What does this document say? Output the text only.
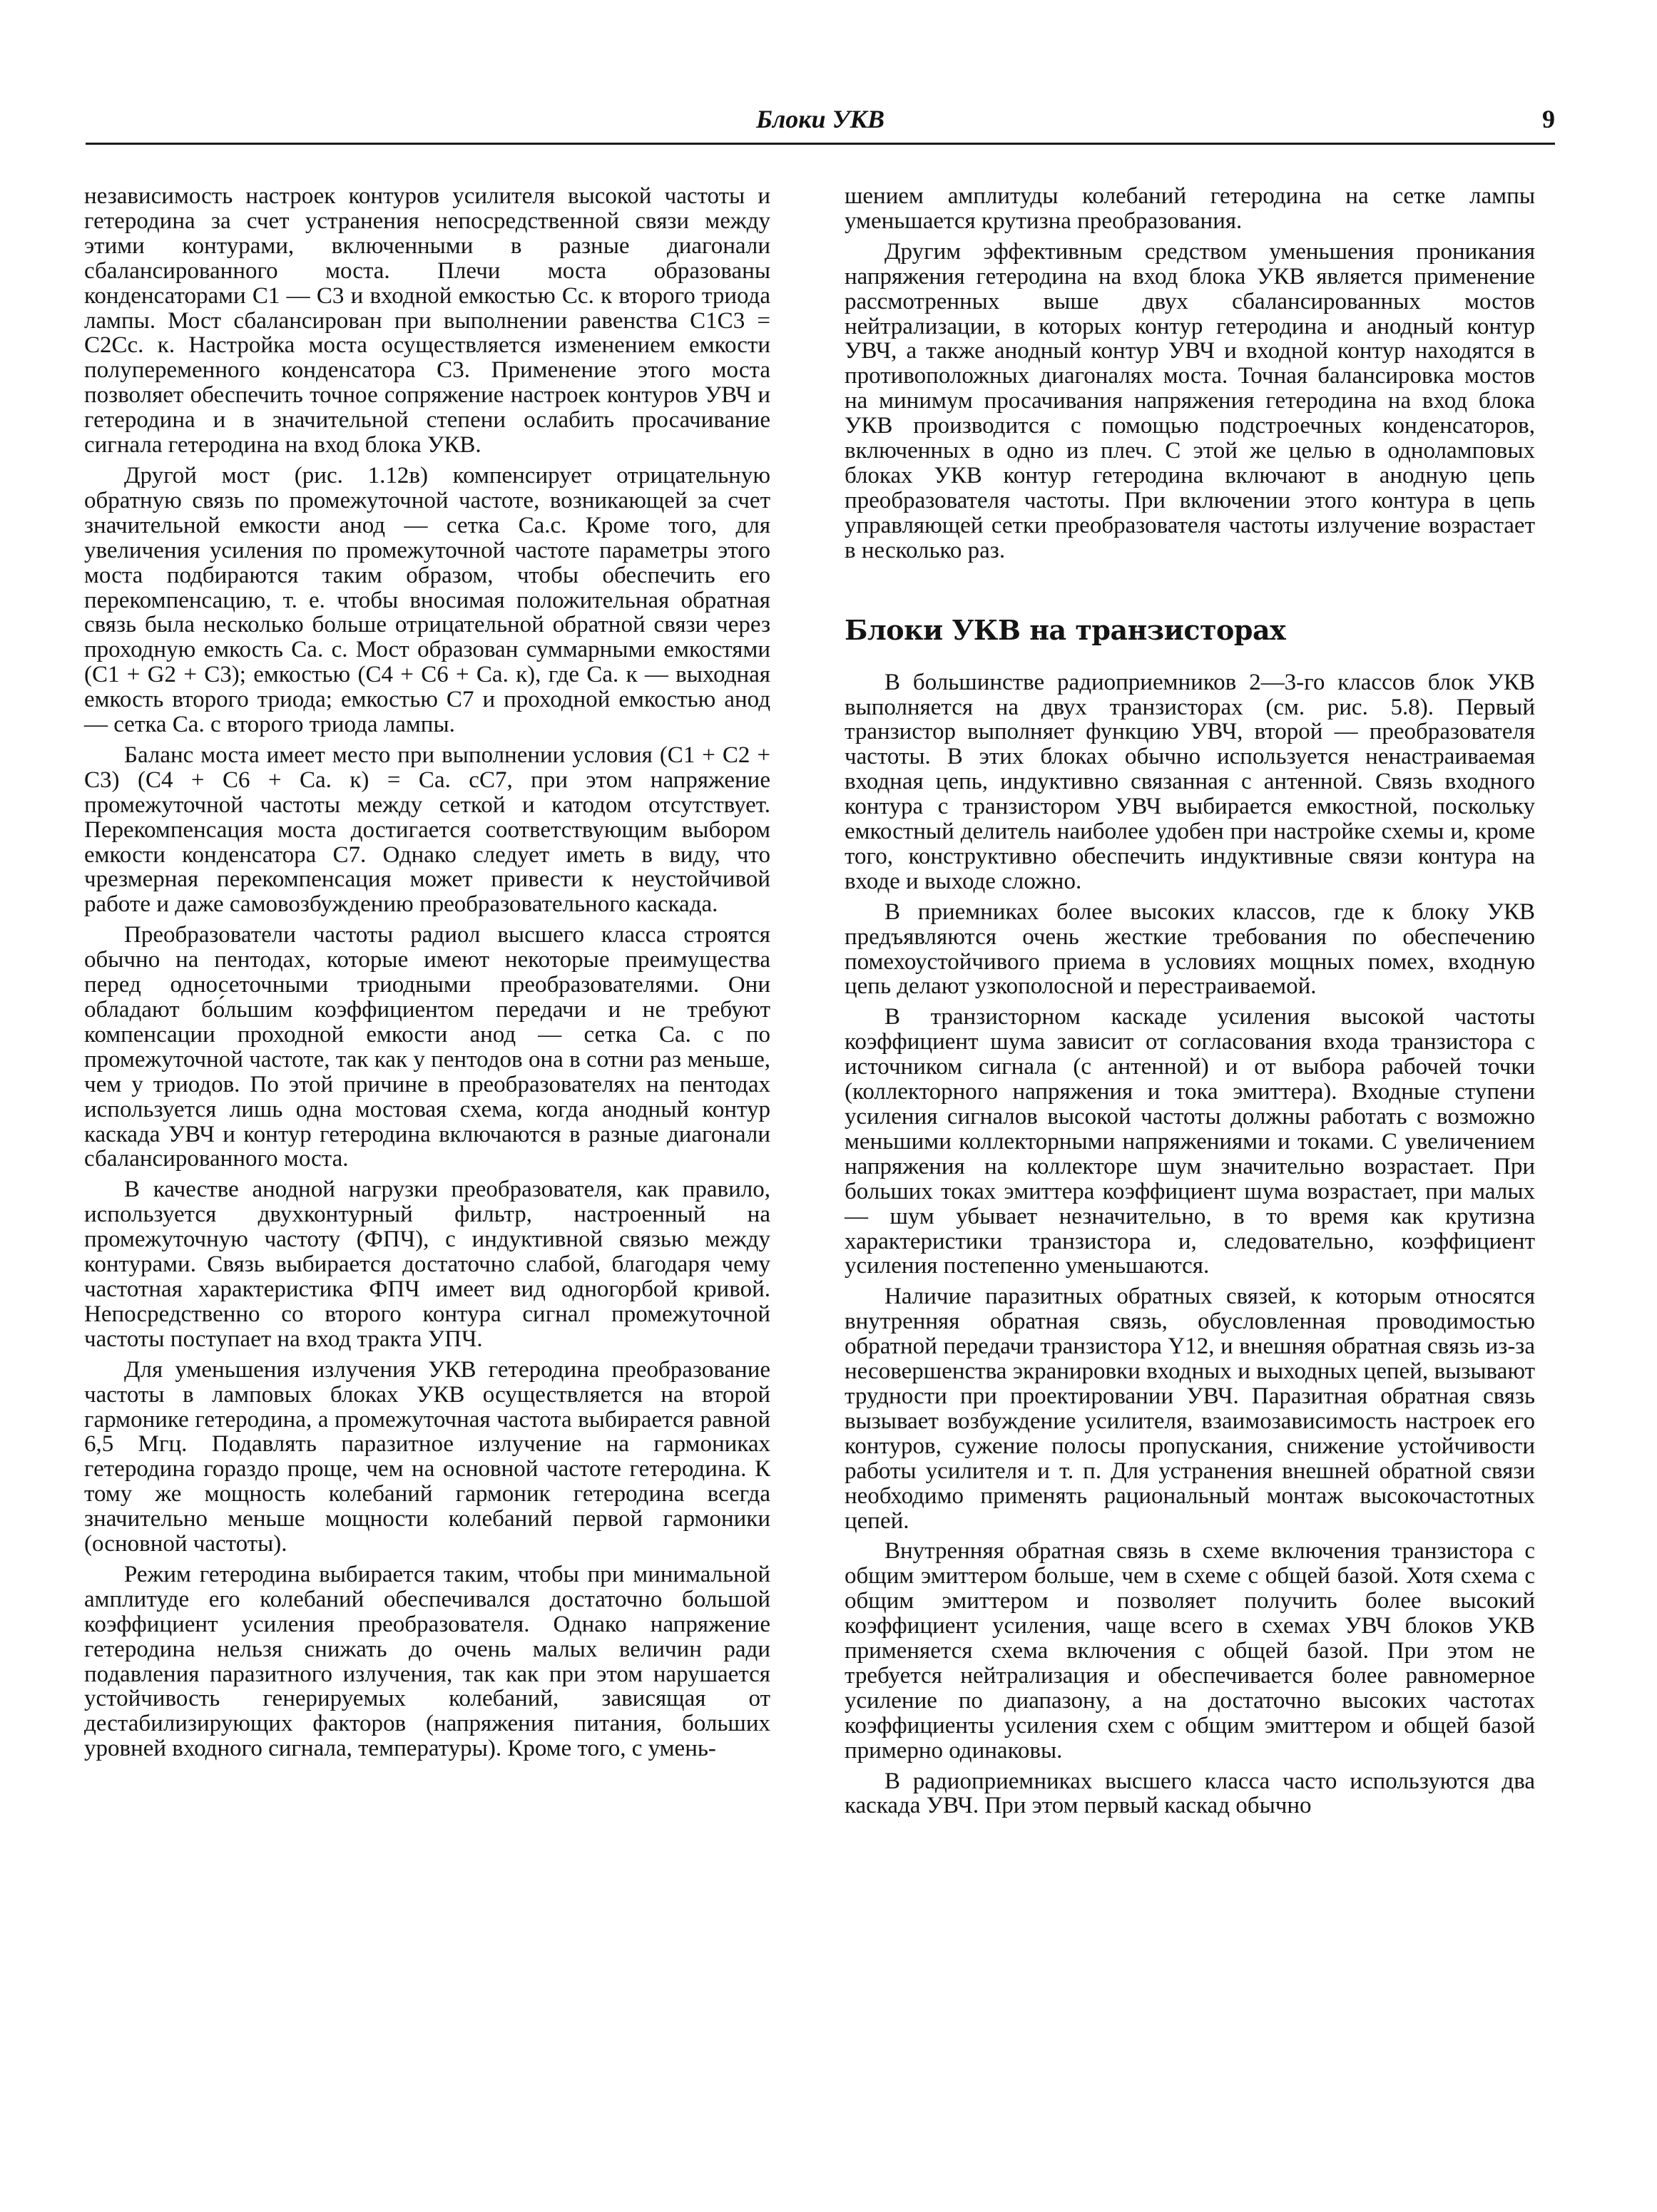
Блоки УКВ	9

независимость настроек контуров усилителя высокой частоты и гетеродина за счет устранения непосредственной связи между этими контурами, включенными в разные диагонали сбалансированного моста. Плечи моста образованы конденсаторами C1 — C3 и входной емкостью Cс. к второго триода лампы. Мост сбалансирован при выполнении равенства C1C3 = C2Cс. к. Настройка моста осуществляется изменением емкости полупеременного конденсатора C3. Применение этого моста позволяет обеспечить точное сопряжение настроек контуров УВЧ и гетеродина и в значительной степени ослабить просачивание сигнала гетеродина на вход блока УКВ.

Другой мост (рис. 1.12в) компенсирует отрицательную обратную связь по промежуточной частоте, возникающей за счет значительной емкости анод — сетка Cа.с. Кроме того, для увеличения усиления по промежуточной частоте параметры этого моста подбираются таким образом, чтобы обеспечить его перекомпенсацию, т. е. чтобы вносимая положительная обратная связь была несколько больше отрицательной обратной связи через проходную емкость Cа. с. Мост образован суммарными емкостями (C1 + G2 + C3); емкостью (C4 + C6 + Cа. к), где Cа. к — выходная емкость второго триода; емкостью C7 и проходной емкостью анод — сетка Cа. с второго триода лампы.

Баланс моста имеет место при выполнении условия (C1 + C2 + C3) (C4 + C6 + Cа. к) = Cа. сC7, при этом напряжение промежуточной частоты между сеткой и катодом отсутствует. Перекомпенсация моста достигается соответствующим выбором емкости конденсатора C7. Однако следует иметь в виду, что чрезмерная перекомпенсация может привести к неустойчивой работе и даже самовозбуждению преобразовательного каскада.

Преобразователи частоты радиол высшего класса строятся обычно на пентодах, которые имеют некоторые преимущества перед односеточными триодными преобразователями. Они обладают бо́льшим коэффициентом передачи и не требуют компенсации проходной емкости анод — сетка Cа. с по промежуточной частоте, так как у пентодов она в сотни раз меньше, чем у триодов. По этой причине в преобразователях на пентодах используется лишь одна мостовая схема, когда анодный контур каскада УВЧ и контур гетеродина включаются в разные диагонали сбалансированного моста.

В качестве анодной нагрузки преобразователя, как правило, используется двухконтурный фильтр, настроенный на промежуточную частоту (ФПЧ), с индуктивной связью между контурами. Связь выбирается достаточно слабой, благодаря чему частотная характеристика ФПЧ имеет вид одногорбой кривой. Непосредственно со второго контура сигнал промежуточной частоты поступает на вход тракта УПЧ.

Для уменьшения излучения УКВ гетеродина преобразование частоты в ламповых блоках УКВ осуществляется на второй гармонике гетеродина, а промежуточная частота выбирается равной 6,5 Мгц. Подавлять паразитное излучение на гармониках гетеродина гораздо проще, чем на основной частоте гетеродина. К тому же мощность колебаний гармоник гетеродина всегда значительно меньше мощности колебаний первой гармоники (основной частоты).

Режим гетеродина выбирается таким, чтобы при минимальной амплитуде его колебаний обеспечивался достаточно большой коэффициент усиления преобразователя. Однако напряжение гетеродина нельзя снижать до очень малых величин ради подавления паразитного излучения, так как при этом нарушается устойчивость генерируемых колебаний, зависящая от дестабилизирующих факторов (напряжения питания, больших уровней входного сигнала, температуры). Кроме того, с умень-

шением амплитуды колебаний гетеродина на сетке лампы уменьшается крутизна преобразования.

Другим эффективным средством уменьшения проникания напряжения гетеродина на вход блока УКВ является применение рассмотренных выше двух сбалансированных мостов нейтрализации, в которых контур гетеродина и анодный контур УВЧ, а также анодный контур УВЧ и входной контур находятся в противоположных диагоналях моста. Точная балансировка мостов на минимум просачивания напряжения гетеродина на вход блока УКВ производится с помощью подстроечных конденсаторов, включенных в одно из плеч. С этой же целью в одноламповых блоках УКВ контур гетеродина включают в анодную цепь преобразователя частоты. При включении этого контура в цепь управляющей сетки преобразователя частоты излучение возрастает в несколько раз.

Блоки УКВ на транзисторах

В большинстве радиоприемников 2—3-го классов блок УКВ выполняется на двух транзисторах (см. рис. 5.8). Первый транзистор выполняет функцию УВЧ, второй — преобразователя частоты. В этих блоках обычно используется ненастраиваемая входная цепь, индуктивно связанная с антенной. Связь входного контура с транзистором УВЧ выбирается емкостной, поскольку емкостный делитель наиболее удобен при настройке схемы и, кроме того, конструктивно обеспечить индуктивные связи контура на входе и выходе сложно.

В приемниках более высоких классов, где к блоку УКВ предъявляются очень жесткие требования по обеспечению помехоустойчивого приема в условиях мощных помех, входную цепь делают узкополосной и перестраиваемой.

В транзисторном каскаде усиления высокой частоты коэффициент шума зависит от согласования входа транзистора с источником сигнала (с антенной) и от выбора рабочей точки (коллекторного напряжения и тока эмиттера). Входные ступени усиления сигналов высокой частоты должны работать с возможно меньшими коллекторными напряжениями и токами. С увеличением напряжения на коллекторе шум значительно возрастает. При больших токах эмиттера коэффициент шума возрастает, при малых — шум убывает незначительно, в то время как крутизна характеристики транзистора и, следовательно, коэффициент усиления постепенно уменьшаются.

Наличие паразитных обратных связей, к которым относятся внутренняя обратная связь, обусловленная проводимостью обратной передачи транзистора Y12, и внешняя обратная связь из-за несовершенства экранировки входных и выходных цепей, вызывают трудности при проектировании УВЧ. Паразитная обратная связь вызывает возбуждение усилителя, взаимозависимость настроек его контуров, сужение полосы пропускания, снижение устойчивости работы усилителя и т. п. Для устранения внешней обратной связи необходимо применять рациональный монтаж высокочастотных цепей.

Внутренняя обратная связь в схеме включения транзистора с общим эмиттером больше, чем в схеме с общей базой. Хотя схема с общим эмиттером и позволяет получить более высокий коэффициент усиления, чаще всего в схемах УВЧ блоков УКВ применяется схема включения с общей базой. При этом не требуется нейтрализация и обеспечивается более равномерное усиление по диапазону, а на достаточно высоких частотах коэффициенты усиления схем с общим эмиттером и общей базой примерно одинаковы.

В радиоприемниках высшего класса часто используются два каскада УВЧ. При этом первый каскад обычно
